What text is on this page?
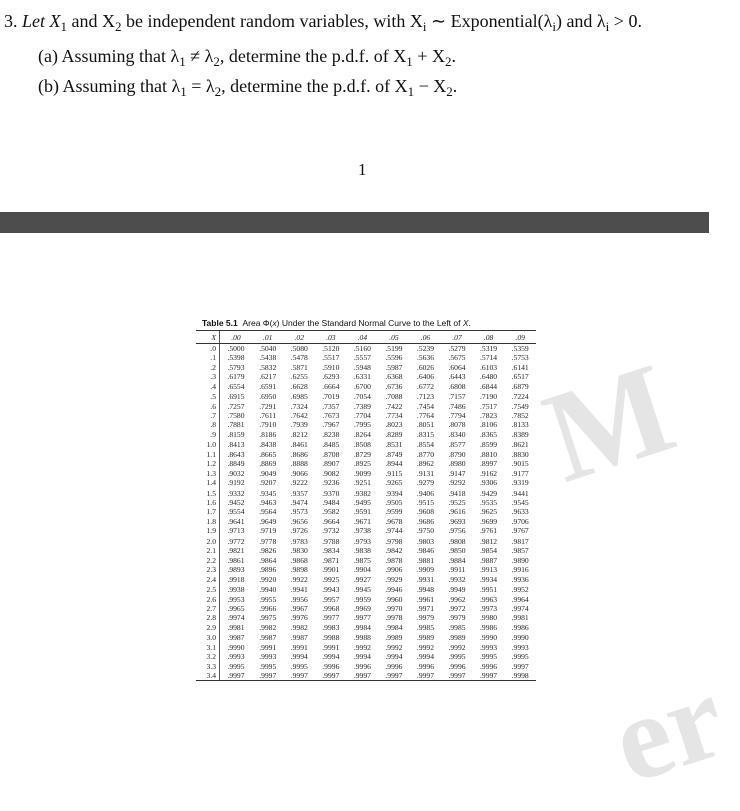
3. Let $X_1$ and $X_2$ be independent random variables, with $X_i$ ∼ $Exponential(\lambda_i)$ and $\lambda_i > 0$.
(a) Assuming that $\lambda_1 \ne \lambda_2$, determine the p.d.f. of $X_1 + X_2$.
(b) Assuming that $\lambda_1 = \lambda_2$, determine the p.d.f. of $X_1 - X_2$.
1
M
er
Table 5.1 Area Φ(x) Under the Standard Normal Curve to the Left of X.
X	.00	.01	.02	.03	.04	.05	.06	.07	.08	.09
.0	.5000	.5040	.5080	.5120	.5160	.5199	.5239	.5279	.5319	.5359
.1	.5398	.5438	.5478	.5517	.5557	.5596	.5636	.5675	.5714	.5753
.2	.5793	.5832	.5871	.5910	.5948	.5987	.6026	.6064	.6103	.6141
.3	.6179	.6217	.6255	.6293	.6331	.6368	.6406	.6443	.6480	.6517
.4	.6554	.6591	.6628	.6664	.6700	.6736	.6772	.6808	.6844	.6879
.5	.6915	.6950	.6985	.7019	.7054	.7088	.7123	.7157	.7190	.7224
.6	.7257	.7291	.7324	.7357	.7389	.7422	.7454	.7486	.7517	.7549
.7	.7580	.7611	.7642	.7673	.7704	.7734	.7764	.7794	.7823	.7852
.8	.7881	.7910	.7939	.7967	.7995	.8023	.8051	.8078	.8106	.8133
.9	.8159	.8186	.8212	.8238	.8264	.8289	.8315	.8340	.8365	.8389
1.0	.8413	.8438	.8461	.8485	.8508	.8531	.8554	.8577	.8599	.8621
1.1	.8643	.8665	.8686	.8708	.8729	.8749	.8770	.8790	.8810	.8830
1.2	.8849	.8869	.8888	.8907	.8925	.8944	.8962	.8980	.8997	.9015
1.3	.9032	.9049	.9066	.9082	.9099	.9115	.9131	.9147	.9162	.9177
1.4	.9192	.9207	.9222	.9236	.9251	.9265	.9279	.9292	.9306	.9319
1.5	.9332	.9345	.9357	.9370	.9382	.9394	.9406	.9418	.9429	.9441
1.6	.9452	.9463	.9474	.9484	.9495	.9505	.9515	.9525	.9535	.9545
1.7	.9554	.9564	.9573	.9582	.9591	.9599	.9608	.9616	.9625	.9633
1.8	.9641	.9649	.9656	.9664	.9671	.9678	.9686	.9693	.9699	.9706
1.9	.9713	.9719	.9726	.9732	.9738	.9744	.9750	.9756	.9761	.9767
2.0	.9772	.9778	.9783	.9788	.9793	.9798	.9803	.9808	.9812	.9817
2.1	.9821	.9826	.9830	.9834	.9838	.9842	.9846	.9850	.9854	.9857
2.2	.9861	.9864	.9868	.9871	.9875	.9878	.9881	.9884	.9887	.9890
2.3	.9893	.9896	.9898	.9901	.9904	.9906	.9909	.9911	.9913	.9916
2.4	.9918	.9920	.9922	.9925	.9927	.9929	.9931	.9932	.9934	.9936
2.5	.9938	.9940	.9941	.9943	.9945	.9946	.9948	.9949	.9951	.9952
2.6	.9953	.9955	.9956	.9957	.9959	.9960	.9961	.9962	.9963	.9964
2.7	.9965	.9966	.9967	.9968	.9969	.9970	.9971	.9972	.9973	.9974
2.8	.9974	.9975	.9976	.9977	.9977	.9978	.9979	.9979	.9980	.9981
2.9	.9981	.9982	.9982	.9983	.9984	.9984	.9985	.9985	.9986	.9986
3.0	.9987	.9987	.9987	.9988	.9988	.9989	.9989	.9989	.9990	.9990
3.1	.9990	.9991	.9991	.9991	.9992	.9992	.9992	.9992	.9993	.9993
3.2	.9993	.9993	.9994	.9994	.9994	.9994	.9994	.9995	.9995	.9995
3.3	.9995	.9995	.9995	.9996	.9996	.9996	.9996	.9996	.9996	.9997
3.4	.9997	.9997	.9997	.9997	.9997	.9997	.9997	.9997	.9997	.9998
